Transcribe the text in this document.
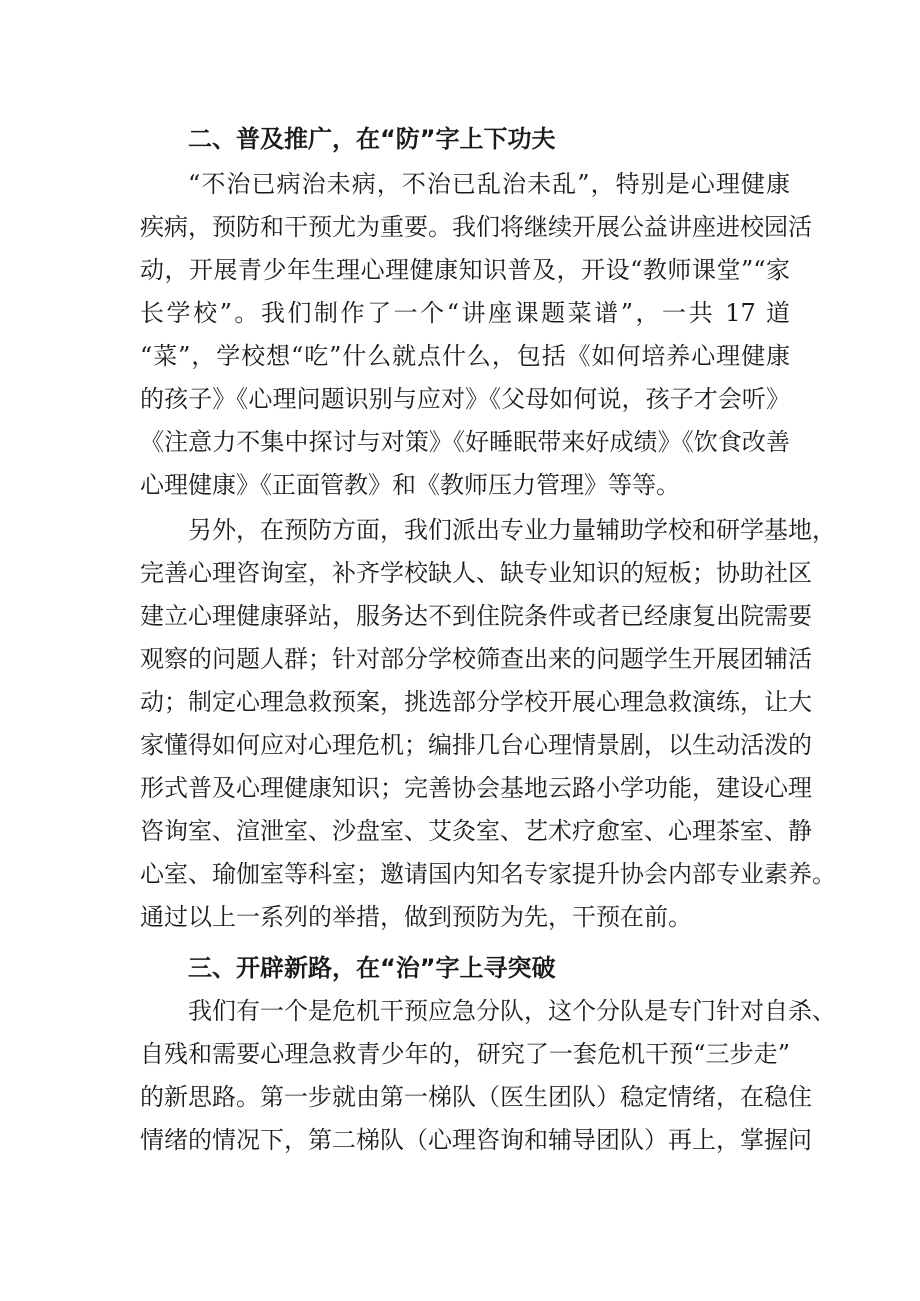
二、普及推广，在“防”字上下功夫
“不治已病治未病，不治已乱治未乱”，特别是心理健康
疾病，预防和干预尤为重要。我们将继续开展公益讲座进校园活
动，开展青少年生理心理健康知识普及，开设“教师课堂”“家
长学校”。我们制作了一个“讲座课题菜谱”，一共 17 道
“菜”，学校想“吃”什么就点什么，包括《如何培养心理健康
的孩子》《心理问题识别与应对》《父母如何说，孩子才会听》
《注意力不集中探讨与对策》《好睡眠带来好成绩》《饮食改善
心理健康》《正面管教》和《教师压力管理》等等。
另外，在预防方面，我们派出专业力量辅助学校和研学基地，
完善心理咨询室，补齐学校缺人、缺专业知识的短板；协助社区
建立心理健康驿站，服务达不到住院条件或者已经康复出院需要
观察的问题人群；针对部分学校筛查出来的问题学生开展团辅活
动；制定心理急救预案，挑选部分学校开展心理急救演练，让大
家懂得如何应对心理危机；编排几台心理情景剧，以生动活泼的
形式普及心理健康知识；完善协会基地云路小学功能，建设心理
咨询室、渲泄室、沙盘室、艾灸室、艺术疗愈室、心理茶室、静
心室、瑜伽室等科室；邀请国内知名专家提升协会内部专业素养。
通过以上一系列的举措，做到预防为先，干预在前。
三、开辟新路，在“治”字上寻突破
我们有一个是危机干预应急分队，这个分队是专门针对自杀、
自残和需要心理急救青少年的，研究了一套危机干预“三步走”
的新思路。第一步就由第一梯队（医生团队）稳定情绪，在稳住
情绪的情况下，第二梯队（心理咨询和辅导团队）再上，掌握问
